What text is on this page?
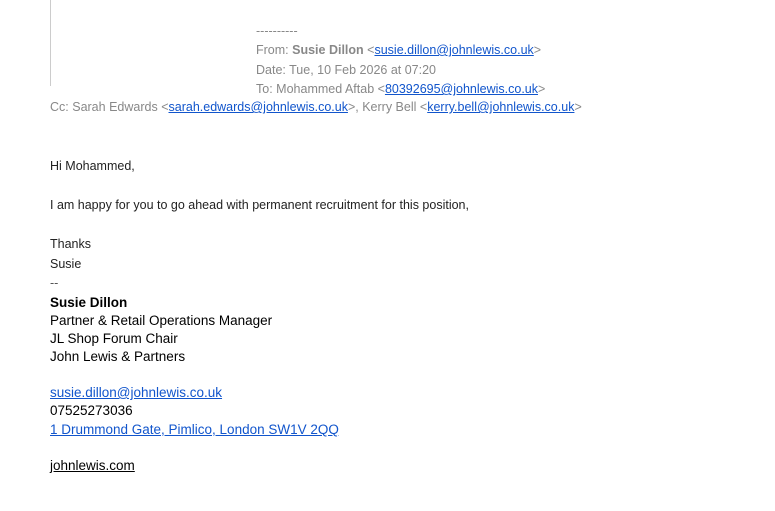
----------
From: Susie Dillon <susie.dillon@johnlewis.co.uk>
Date: Tue, 10 Feb 2026 at 07:20
To: Mohammed Aftab <80392695@johnlewis.co.uk>
Cc: Sarah Edwards <sarah.edwards@johnlewis.co.uk>, Kerry Bell <kerry.bell@johnlewis.co.uk>
Hi Mohammed,
I am happy for you to go ahead with permanent recruitment for this position,
Thanks
Susie
--
Susie Dillon
Partner & Retail Operations Manager
JL Shop Forum Chair
John Lewis & Partners
susie.dillon@johnlewis.co.uk
07525273036
1 Drummond Gate, Pimlico, London SW1V 2QQ
johnlewis.com
